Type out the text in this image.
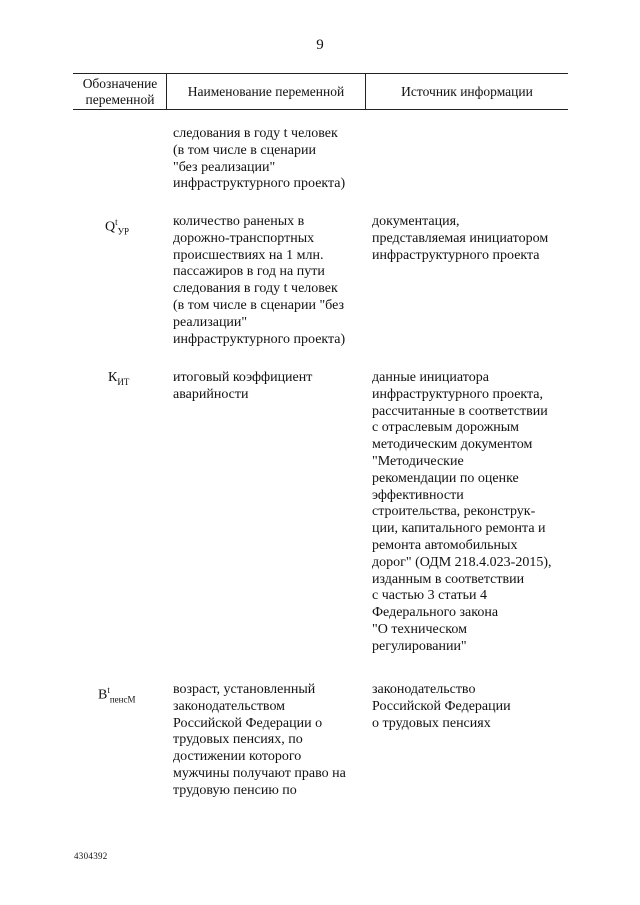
9
Обозначение переменной
Наименование переменной	Источник информации
следования в году t человек
(в том числе в сценарии
"без реализации"
инфраструктурного проекта)
$Q^t_{УР}$
количество раненых в
дорожно-транспортных
происшествиях на 1 млн.
пассажиров в год на пути
следования в году t человек
(в том числе в сценарии "без
реализации"
инфраструктурного проекта)
документация,
представляемая инициатором
инфраструктурного проекта
$К_{ИТ}$	итоговый коэффициент
аварийности
данные инициатора
инфраструктурного проекта,
рассчитанные в соответствии
с отраслевым дорожным
методическим документом
"Методические
рекомендации по оценке
эффективности
строительства, реконструк-
ции, капитального ремонта и
ремонта автомобильных
дорог" (ОДМ 218.4.023-2015),
изданным в соответствии
с частью 3 статьи 4
Федерального закона
"О техническом
регулировании"
$В^t_{пенсМ}$
возраст, установленный
законодательством
Российской Федерации о
трудовых пенсиях, по
достижении которого
мужчины получают право на
трудовую пенсию по
законодательство
Российской Федерации
о трудовых пенсиях
4304392
